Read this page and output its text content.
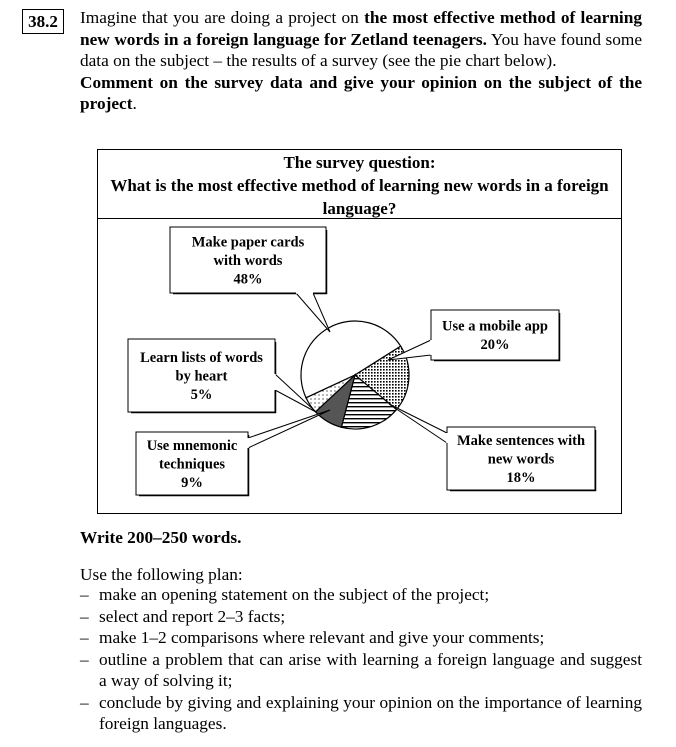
38.2	Imagine that you are doing a project on the most effective method of learning new words in a foreign language for Zetland teenagers. You have found some data on the subject – the results of a survey (see the pie chart below).
Comment on the survey data and give your opinion on the subject of the project.
The survey question:

What is the most effective method of learning new words in a foreign language?
Make paper cards
with words
48%
Use a mobile app
20%
Make sentences with
new words
18%
Use mnemonic
techniques
9%
Learn lists of words
by heart
5%
Write 200–250 words.
Use the following plan:
– make an opening statement on the subject of the project;
– select and report 2–3 facts;
– make 1–2 comparisons where relevant and give your comments;
– outline a problem that can arise with learning a foreign language and suggest a way of solving it;
– conclude by giving and explaining your opinion on the importance of learning foreign languages.
